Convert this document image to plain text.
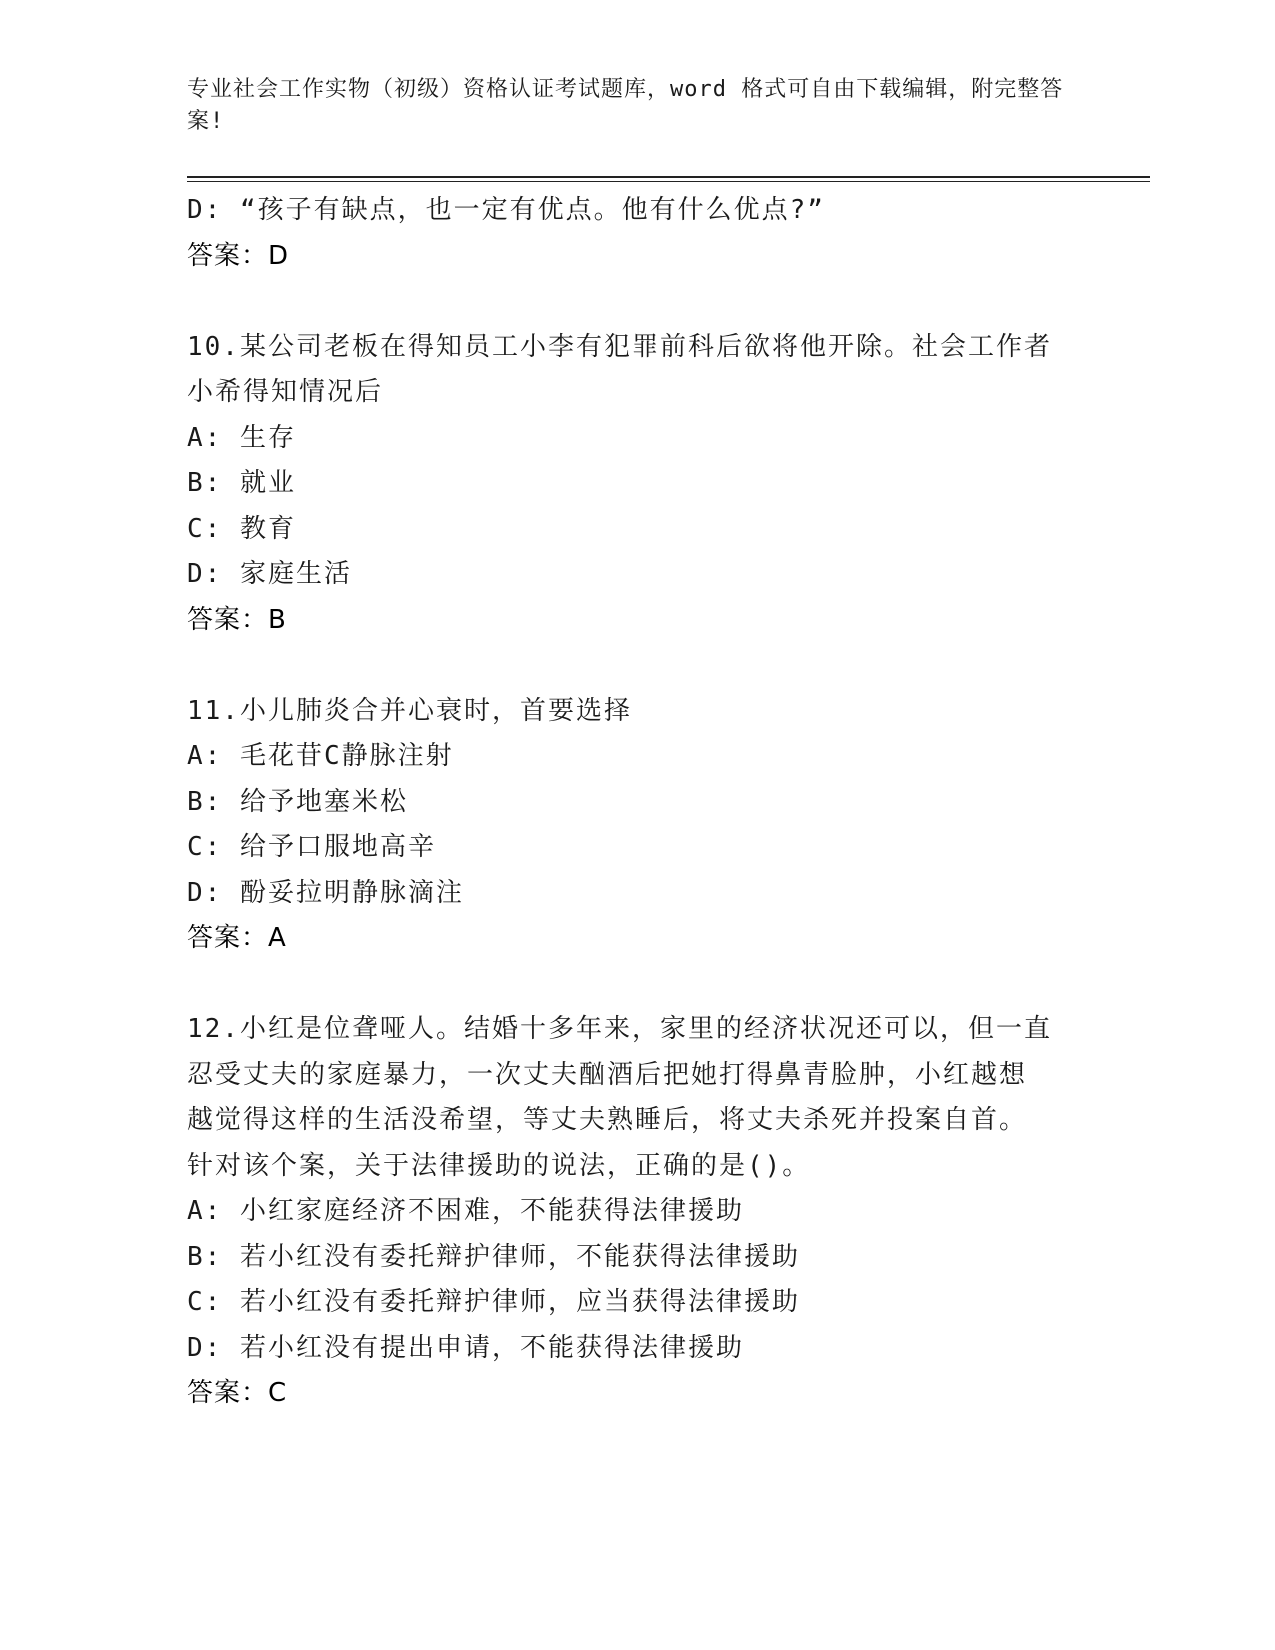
专业社会工作实物（初级）资格认证考试题库，word 格式可自由下载编辑，附完整答案!
D: “孩子有缺点，也一定有优点。他有什么优点?”
答案：D
10.某公司老板在得知员工小李有犯罪前科后欲将他开除。社会工作者
小希得知情况后
A: 生存
B: 就业
C: 教育
D: 家庭生活
答案：B
11.小儿肺炎合并心衰时，首要选择
A: 毛花苷C静脉注射
B: 给予地塞米松
C: 给予口服地高辛
D: 酚妥拉明静脉滴注
答案：A
12.小红是位聋哑人。结婚十多年来，家里的经济状况还可以，但一直
忍受丈夫的家庭暴力，一次丈夫酗酒后把她打得鼻青脸肿，小红越想
越觉得这样的生活没希望，等丈夫熟睡后，将丈夫杀死并投案自首。
针对该个案，关于法律援助的说法，正确的是()。
A: 小红家庭经济不困难，不能获得法律援助
B: 若小红没有委托辩护律师，不能获得法律援助
C: 若小红没有委托辩护律师，应当获得法律援助
D: 若小红没有提出申请，不能获得法律援助
答案：C
